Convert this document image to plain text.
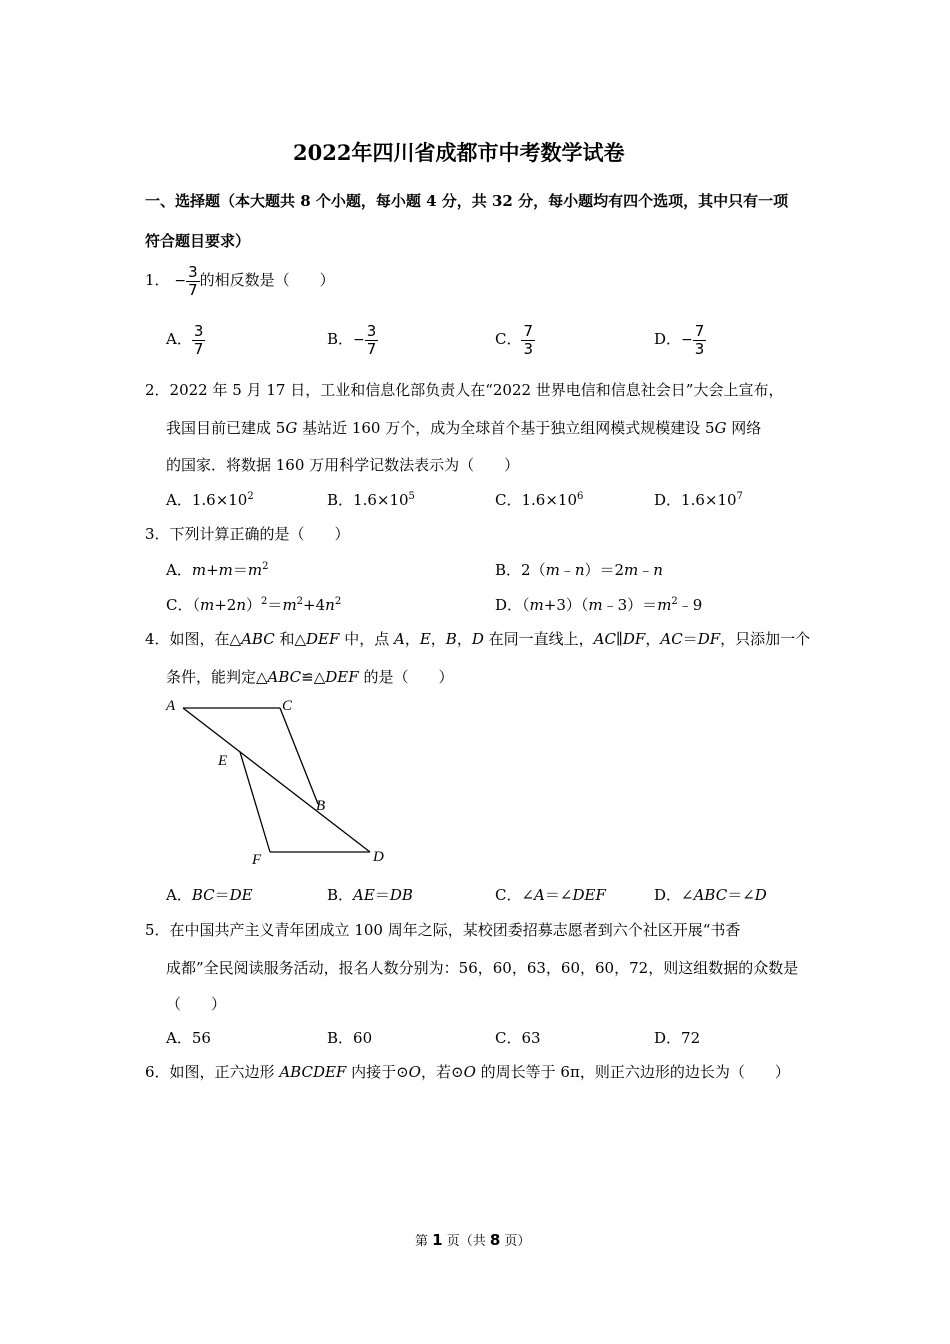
2022年四川省成都市中考数学试卷
一、选择题（本大题共 8 个小题，每小题 4 分，共 32 分，每小题均有四个选项，其中只有一项
符合题目要求）
1． − $\frac{3}{7}$ 的相反数是（　　）
A． $\frac{3}{7}$	B．− $\frac{3}{7}$	C． $\frac{7}{3}$	D．− $\frac{7}{3}$
2．2022 年 5 月 17 日，工业和信息化部负责人在“2022 世界电信和信息社会日”大会上宣布，
我国目前已建成 5G 基站近 160 万个，成为全球首个基于独立组网模式规模建设 5G 网络
的国家．将数据 160 万用科学记数法表示为（　　）
A．$1.6\times 10^2$	B．$1.6\times 10^5$	C．$1.6\times 10^6$	D．$1.6\times 10^7$
3．下列计算正确的是（　　）
A．$m+m=m^2$	B．2（m﹣n）＝2m﹣n
C．$(m+2n)^2=m^2+4n^2$	D．$(m+3)(m﹣3)=m^2﹣9$
4．如图，在△ABC 和△DEF 中，点 A，E，B，D 在同一直线上，AC∥DF，AC＝DF，只添加一个
条件，能判定△ABC≌△DEF 的是（　　）
A	C
E
B
F	D
A．BC＝DE	B．AE＝DB	C．∠A＝∠DEF	D．∠ABC＝∠D
5．在中国共产主义青年团成立 100 周年之际，某校团委招募志愿者到六个社区开展“书香
成都”全民阅读服务活动，报名人数分别为：56，60，63，60，60，72，则这组数据的众数是
（　　）
A．56	B．60	C．63	D．72
6．如图，正六边形 ABCDEF 内接于⊙O，若⊙O 的周长等于 6π，则正六边形的边长为（　　）
第 1 页（共 8 页）
